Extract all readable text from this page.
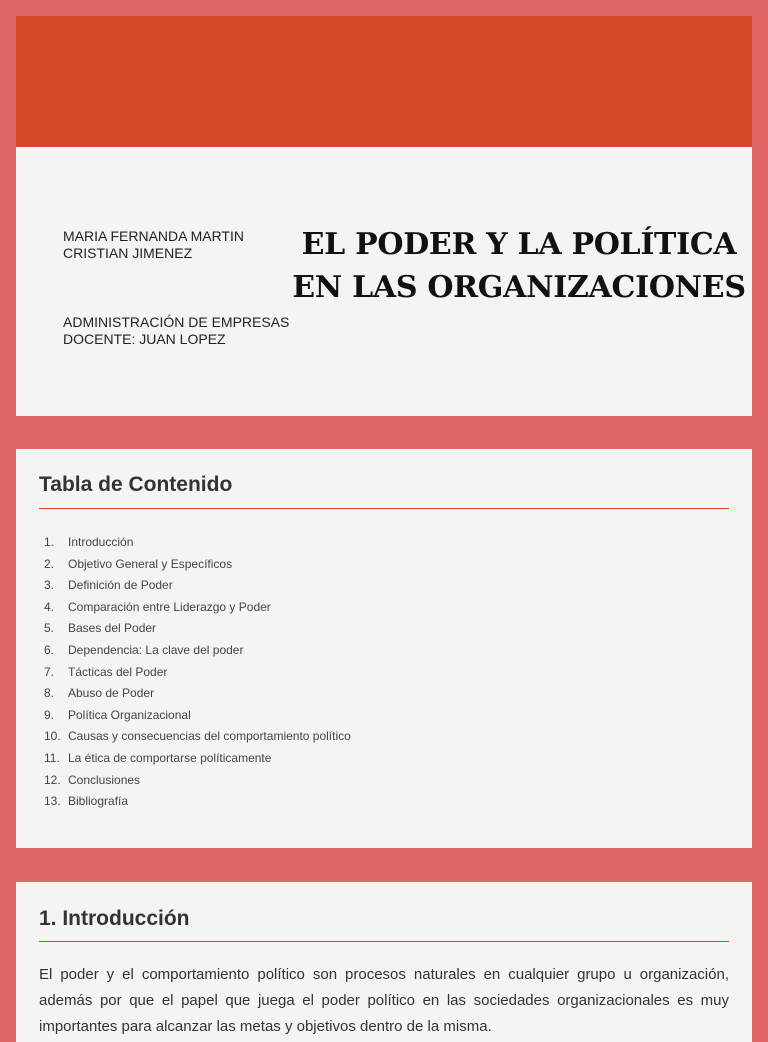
MARIA FERNANDA MARTIN
CRISTIAN JIMENEZ
ADMINISTRACIÓN DE EMPRESAS
DOCENTE: JUAN LOPEZ
EL PODER Y LA POLÍTICA
EN LAS ORGANIZACIONES
Tabla de Contenido
1. Introducción
2. Objetivo General y Específicos
3. Definición de Poder
4. Comparación entre Liderazgo y Poder
5. Bases del Poder
6. Dependencia: La clave del poder
7. Tácticas del Poder
8. Abuso de Poder
9. Política Organizacional
10. Causas y consecuencias del comportamiento político
11. La ética de comportarse políticamente
12. Conclusiones
13. Bibliografía
1. Introducción

El poder y el comportamiento político son procesos naturales en cualquier grupo u organización, además por que el papel que juega el poder político en las sociedades organizacionales es muy importantes para alcanzar las metas y objetivos dentro de la misma.
